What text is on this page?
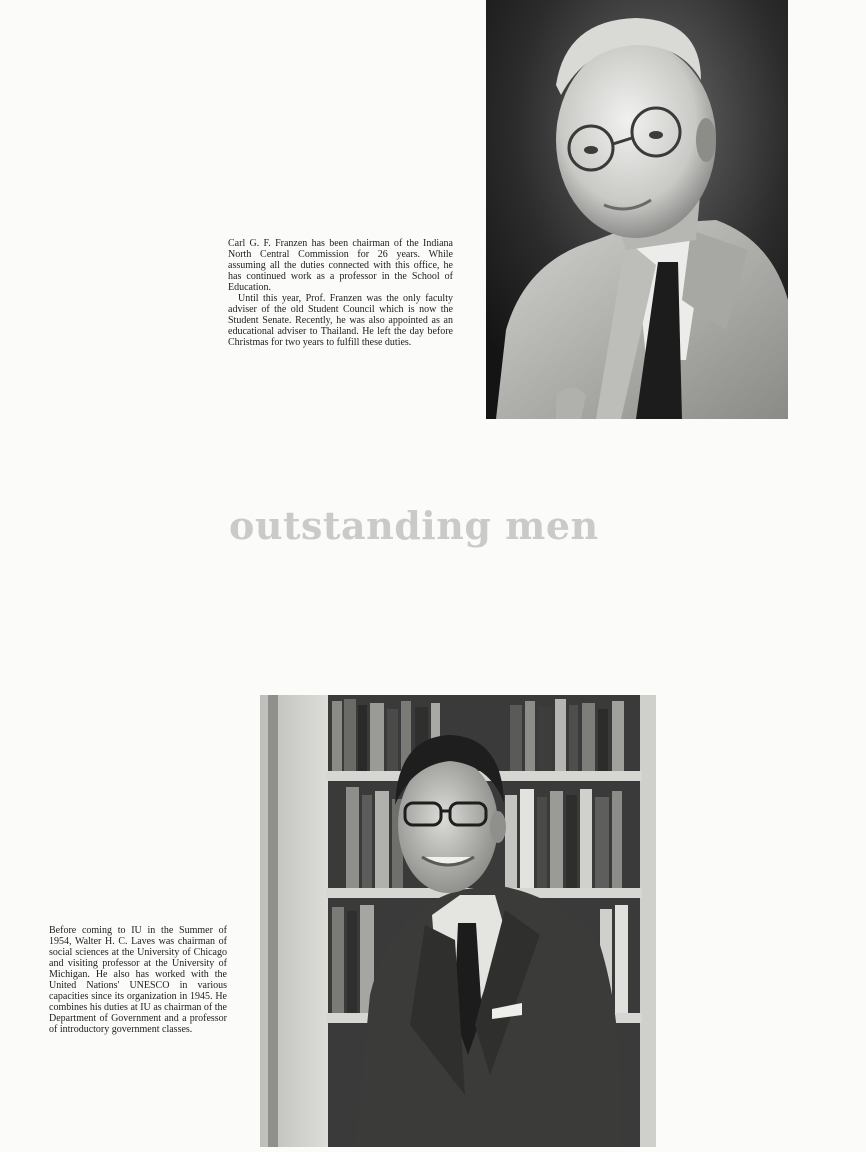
Carl G. F. Franzen has been chairman of the Indiana North Central Commission for 26 years. While assuming all the duties connected with this office, he has continued work as a professor in the School of Education.

Until this year, Prof. Franzen was the only faculty adviser of the old Student Council which is now the Student Senate. Recently, he was also appointed as an educational adviser to Thailand. He left the day before Christmas for two years to fulfill these duties.

outstanding men

Before coming to IU in the Summer of 1954, Walter H. C. Laves was chairman of social sciences at the University of Chicago and visiting professor at the University of Michigan. He also has worked with the United Nations' UNESCO in various capacities since its organization in 1945. He combines his duties at IU as chairman of the Department of Government and a professor of introductory government classes.
